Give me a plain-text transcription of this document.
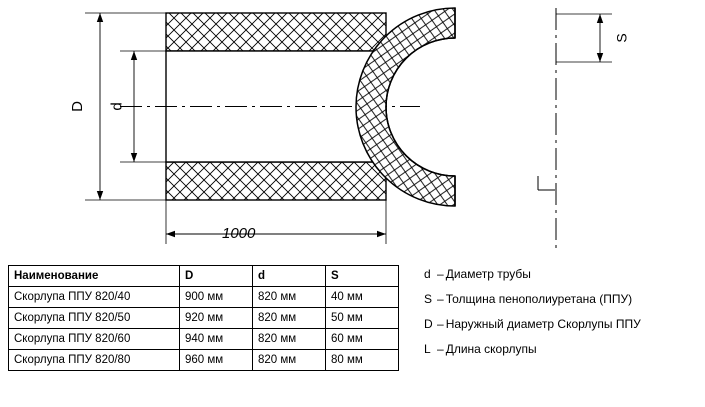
D d
1000
S
Наименование	D	d	S
Скорлупа ППУ 820/40	900 мм	820 мм	40 мм
Скорлупа ППУ 820/50	920 мм	820 мм	50 мм
Скорлупа ППУ 820/60	940 мм	820 мм	60 мм
Скорлупа ППУ 820/80	960 мм	820 мм	80 мм
d – Диаметр трубы
S – Толщина пенополиуретана (ППУ)
D – Наружный диаметр Скорлупы ППУ
L – Длина скорлупы
